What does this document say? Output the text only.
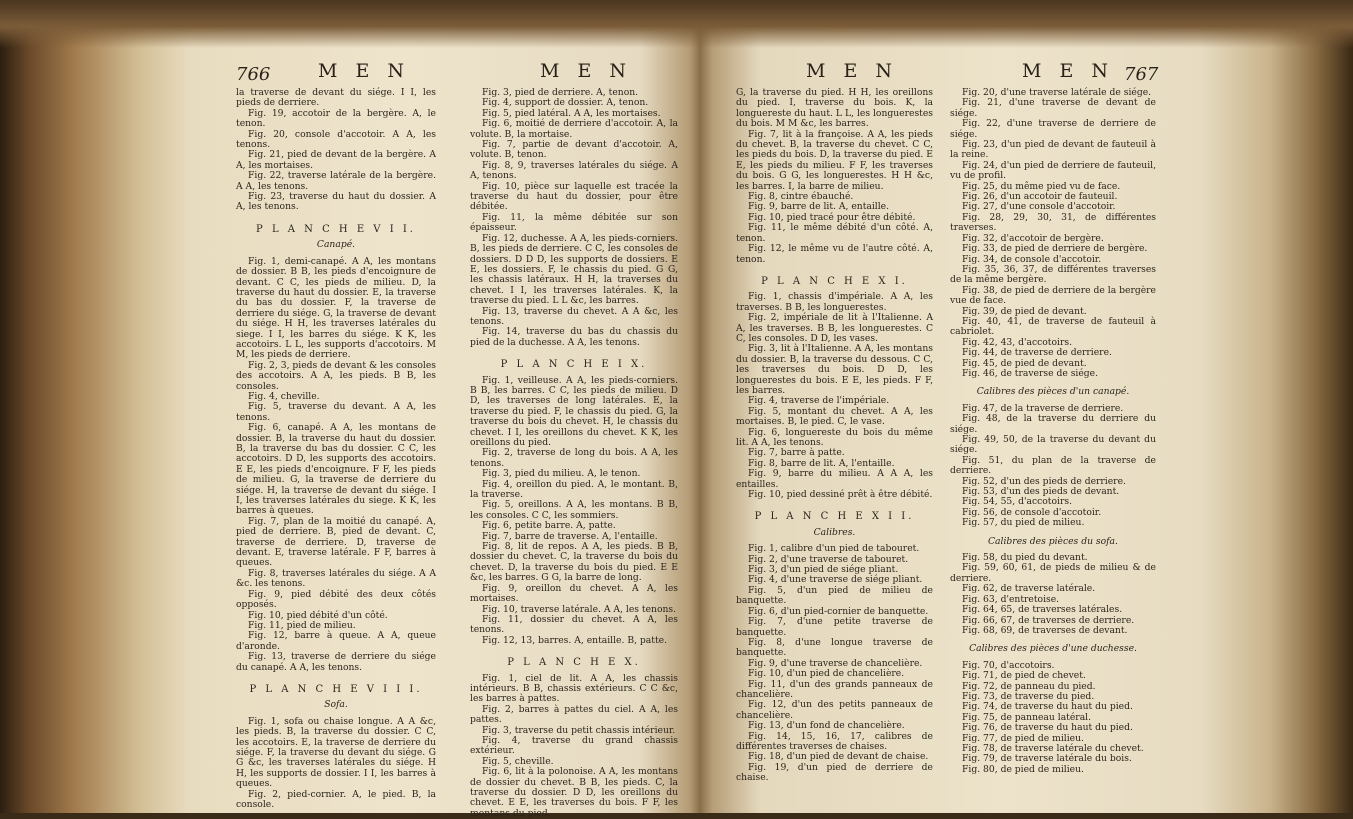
766	M E N	M E N	M E N	M E N 767

la traverse de devant du siége. I I, les pieds de derriere.

Fig. 19, accotoir de la bergère. A, le tenon.

Fig. 20, console d'accotoir. A A, les tenons.

Fig. 21, pied de devant de la bergère. A A, les mortaises.

Fig. 22, traverse latérale de la bergère. A A, les tenons.

Fig. 23, traverse du haut du dossier. A A, les tenons.

P L A N C H E V I I.

Canapé.

Fig. 1, demi-canapé. A A, les montans de dossier. B B, les pieds d'encoignure de devant. C C, les pieds de milieu. D, la traverse du haut du dossier. E, la traverse du bas du dossier. F, la traverse de derriere du siége. G, la traverse de devant du siége. H H, les traverses latérales du siege. I I, les barres du siége. K K, les accotoirs. L L, les supports d'accotoirs. M M, les pieds de derriere.

Fig. 2, 3, pieds de devant & les consoles des accotoirs. A A, les pieds. B B, les consoles.

Fig. 4, cheville.

Fig. 5, traverse du devant. A A, les tenons.

Fig. 6, canapé. A A, les montans de dossier. B, la traverse du haut du dossier. B, la traverse du bas du dossier. C C, les accotoirs. D D, les supports des accotoirs. E E, les pieds d'encoignure. F F, les pieds de milieu. G, la traverse de derriere du siége. H, la traverse de devant du siége. I I, les traverses latérales du siege. K K, les barres à queues.

Fig. 7, plan de la moitié du canapé. A, pied de derriere. B, pied de devant. C, traverse de derriere. D, traverse de devant. E, traverse latérale. F F, barres à queues.

Fig. 8, traverses latérales du siége. A A &c. les tenons.

Fig. 9, pied débité des deux côtés opposés.

Fig. 10, pied débité d'un côté.

Fig. 11, pied de milieu.

Fig. 12, barre à queue. A A, queue d'aronde.

Fig. 13, traverse de derriere du siége du canapé. A A, les tenons.

P L A N C H E V I I I.

Sofa.

Fig. 1, sofa ou chaise longue. A A &c, les pieds. B, la traverse du dossier. C C, les accotoirs. E, la traverse de derriere du siége. F, la traverse du devant du siége. G G &c, les traverses latérales du siége. H H, les supports de dossier. I I, les barres à queues.

Fig. 2, pied-cornier. A, le pied. B, la console.

Fig. 3, pied de derriere. A, tenon.

Fig. 4, support de dossier. A, tenon.

Fig. 5, pied latéral. A A, les mortaises.

Fig. 6, moitié de derriere d'accotoir. A, la volute. B, la mortaise.

Fig. 7, partie de devant d'accotoir. A, volute. B, tenon.

Fig. 8, 9, traverses latérales du siége. A A, tenons.

Fig. 10, pièce sur laquelle est tracée la traverse du haut du dossier, pour être débitée.

Fig. 11, la même débitée sur son épaisseur.

Fig. 12, duchesse. A A, les pieds-corniers. B, les pieds de derriere. C C, les consoles de dossiers. D D D, les supports de dossiers. E E, les dossiers. F, le chassis du pied. G G, les chassis latéraux. H H, la traverses du chevet. I I, les traverses latérales. K, la traverse du pied. L L &c, les barres.

Fig. 13, traverse du chevet. A A &c, les tenons.

Fig. 14, traverse du bas du chassis du pied de la duchesse. A A, les tenons.

P L A N C H E I X.

Fig. 1, veilleuse. A A, les pieds-corniers. B B, les barres. C C, les pieds de milieu. D D, les traverses de long latérales. E, la traverse du pied. F, le chassis du pied. G, la traverse du bois du chevet. H, le chassis du chevet. I I, les oreillons du chevet. K K, les oreillons du pied.

Fig. 2, traverse de long du bois. A A, les tenons.

Fig. 3, pied du milieu. A, le tenon.

Fig. 4, oreillon du pied. A, le montant. B, la traverse.

Fig. 5, oreillons. A A, les montans. B B, les consoles. C C, les sommiers.

Fig. 6, petite barre. A, patte.

Fig. 7, barre de traverse. A, l'entaille.

Fig. 8, lit de repos. A A, les pieds. B B, dossier du chevet. C, la traverse du bois du chevet. D, la traverse du bois du pied. E E &c, les barres. G G, la barre de long.

Fig. 9, oreillon du chevet. A A, les mortaises.

Fig. 10, traverse latérale. A A, les tenons.

Fig. 11, dossier du chevet. A A, les tenons.

Fig. 12, 13, barres. A, entaille. B, patte.

P L A N C H E X.

Fig. 1, ciel de lit. A A, les chassis intérieurs. B B, chassis extérieurs. C C &c, les barres à pattes.

Fig. 2, barres à pattes du ciel. A A, les pattes.

Fig. 3, traverse du petit chassis intérieur.

Fig. 4, traverse du grand chassis extérieur.

Fig. 5, cheville.

Fig. 6, lit à la polonoise. A A, les montans de dossier du chevet. B B, les pieds. C, la traverse du dossier. D D, les oreillons du chevet. E E, les traverses du bois. F F, les montans du pied.

G, la traverse du pied. H H, les oreillons du pied. I, traverse du bois. K, la longuereste du haut. L L, les longuerestes du bois. M M &c, les barres.

Fig. 7, lit à la françoise. A A, les pieds du chevet. B, la traverse du chevet. C C, les pieds du bois. D, la traverse du pied. E E, les pieds du milieu. F F, les traverses du bois. G G, les longuerestes. H H &c, les barres. I, la barre de milieu.

Fig. 8, cintre ébauché.

Fig. 9, barre de lit. A, entaille.

Fig. 10, pied tracé pour être débité.

Fig. 11, le même débité d'un côté. A, tenon.

Fig. 12, le même vu de l'autre côté. A, tenon.

P L A N C H E X I.

Fig. 1, chassis d'impériale. A A, les traverses. B B, les longuerestes.

Fig. 2, impériale de lit à l'Italienne. A A, les traverses. B B, les longuerestes. C C, les consoles. D D, les vases.

Fig. 3, lit à l'Italienne. A A, les montans du dossier. B, la traverse du dessous. C C, les traverses du bois. D D, les longuerestes du bois. E E, les pieds. F F, les barres.

Fig. 4, traverse de l'impériale.

Fig. 5, montant du chevet. A A, les mortaises. B, le pied. C, le vase.

Fig. 6, longuereste du bois du même lit. A A, les tenons.

Fig. 7, barre à patte.

Fig. 8, barre de lit. A, l'entaille.

Fig. 9, barre du milieu. A A A, les entailles.

Fig. 10, pied dessiné prêt à être débité.

P L A N C H E X I I.

Calibres.

Fig. 1, calibre d'un pied de tabouret.

Fig. 2, d'une traverse de tabouret.

Fig. 3, d'un pied de siége pliant.

Fig. 4, d'une traverse de siége pliant.

Fig. 5, d'un pied de milieu de banquette.

Fig. 6, d'un pied-cornier de banquette.

Fig. 7, d'une petite traverse de banquette.

Fig. 8, d'une longue traverse de banquette.

Fig. 9, d'une traverse de chancelière.

Fig. 10, d'un pied de chancelière.

Fig. 11, d'un des grands panneaux de chancelière.

Fig. 12, d'un des petits panneaux de chancelière.

Fig. 13, d'un fond de chancelière.

Fig. 14, 15, 16, 17, calibres de différentes traverses de chaises.

Fig. 18, d'un pied de devant de chaise.

Fig. 19, d'un pied de derriere de chaise.

Fig. 20, d'une traverse latérale de siége.

Fig. 21, d'une traverse de devant de siége.

Fig. 22, d'une traverse de derriere de siége.

Fig. 23, d'un pied de devant de fauteuil à la reine.

Fig. 24, d'un pied de derriere de fauteuil, vu de profil.

Fig. 25, du même pied vu de face.

Fig. 26, d'un accotoir de fauteuil.

Fig. 27, d'une console d'accotoir.

Fig. 28, 29, 30, 31, de différentes traverses.

Fig. 32, d'accotoir de bergère.

Fig. 33, de pied de derriere de bergère.

Fig. 34, de console d'accotoir.

Fig. 35, 36, 37, de différentes traverses de la même bergère.

Fig. 38, de pied de derriere de la bergère vue de face.

Fig. 39, de pied de devant.

Fig. 40, 41, de traverse de fauteuil à cabriolet.

Fig. 42, 43, d'accotoirs.

Fig. 44, de traverse de derriere.

Fig. 45, de pied de devant.

Fig. 46, de traverse de siége.

Calibres des pièces d'un canapé.

Fig. 47, de la traverse de derriere.

Fig. 48, de la traverse du derriere du siége.

Fig. 49, 50, de la traverse du devant du siége.

Fig. 51, du plan de la traverse de derriere.

Fig. 52, d'un des pieds de derriere.

Fig. 53, d'un des pieds de devant.

Fig. 54, 55, d'accotoirs.

Fig. 56, de console d'accotoir.

Fig. 57, du pied de milieu.

Calibres des pièces du sofa.

Fig. 58, du pied du devant.

Fig. 59, 60, 61, de pieds de milieu & de derriere.

Fig. 62, de traverse latérale.

Fig. 63, d'entretoise.

Fig. 64, 65, de traverses latérales.

Fig. 66, 67, de traverses de derriere.

Fig. 68, 69, de traverses de devant.

Calibres des pièces d'une duchesse.

Fig. 70, d'accotoirs.

Fig. 71, de pied de chevet.

Fig. 72, de panneau du pied.

Fig. 73, de traverse du pied.

Fig. 74, de traverse du haut du pied.

Fig. 75, de panneau latéral.

Fig. 76, de traverse du haut du pied.

Fig. 77, de pied de milieu.

Fig. 78, de traverse latérale du chevet.

Fig. 79, de traverse latérale du bois.

Fig. 80, de pied de milieu.
